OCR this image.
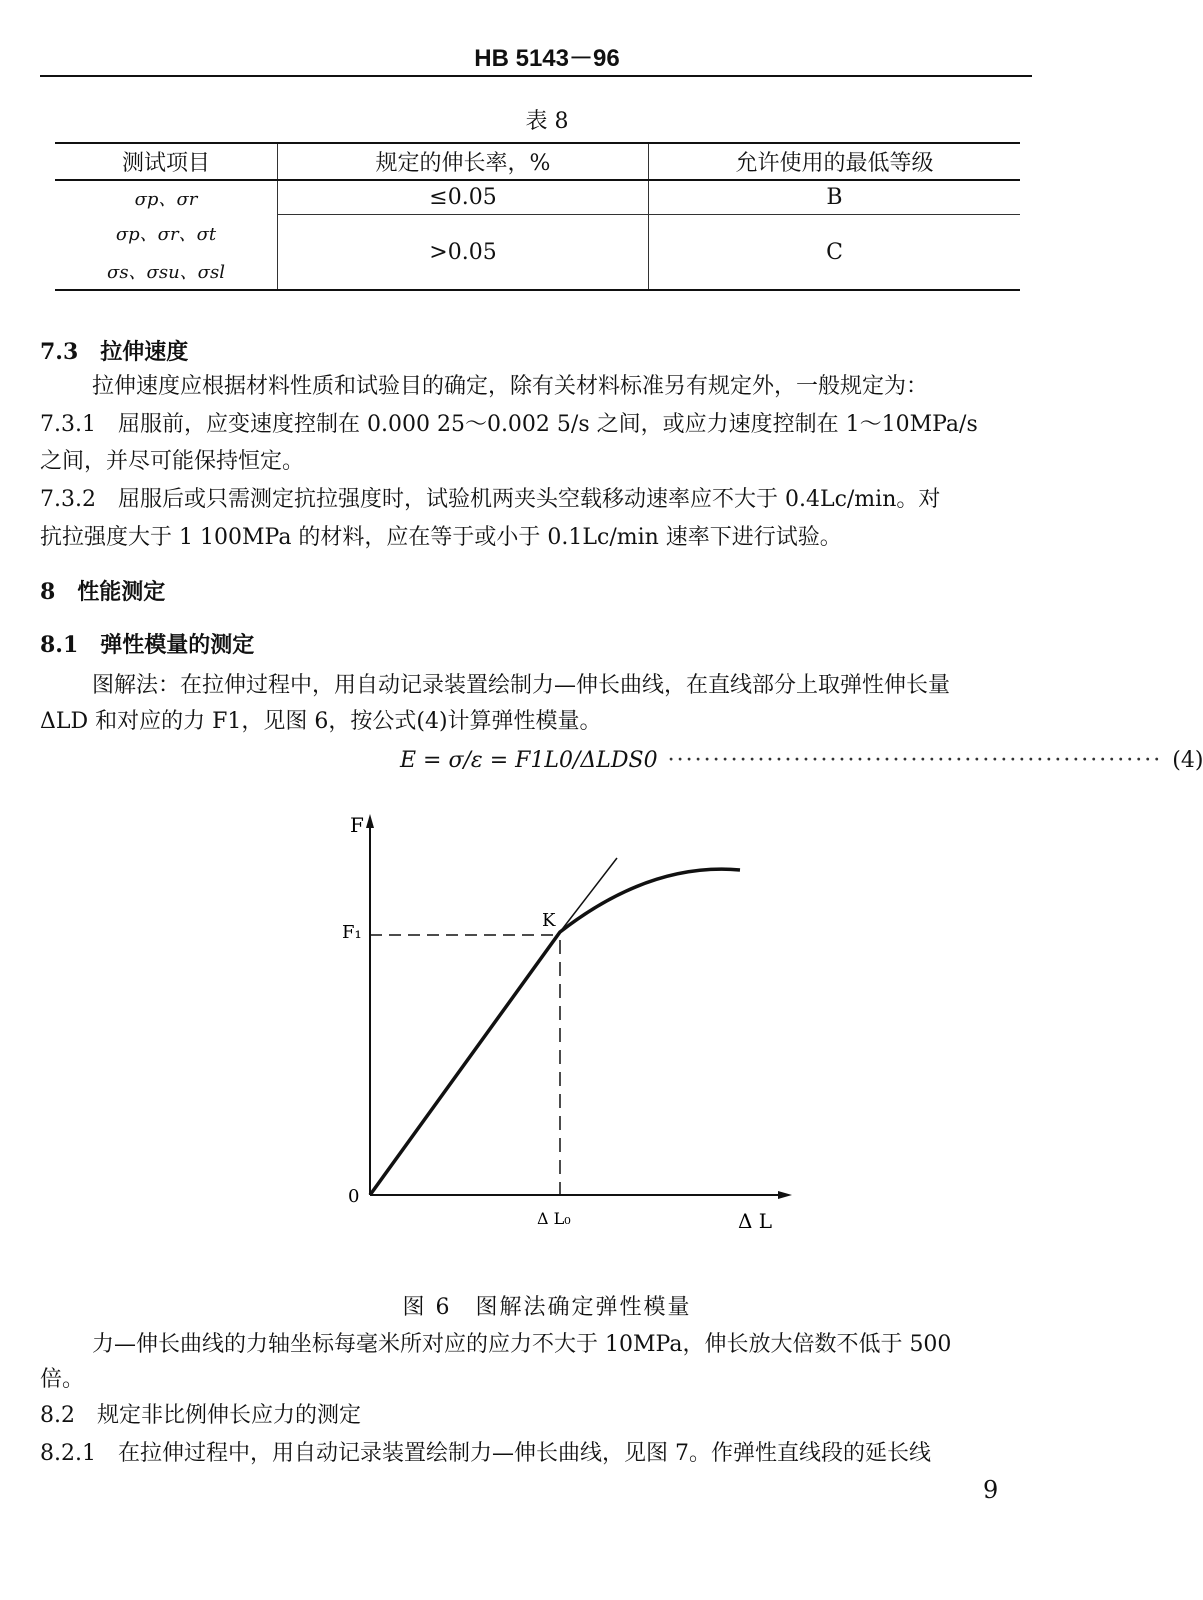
HB 5143－96
表 8
测试项目	规定的伸长率，%	允许使用的最低等级
σp、σr	≤0.05	B

σp、σr、σt
σs、σsu、σsl	>0.05	C
7.3　拉伸速度
拉伸速度应根据材料性质和试验目的确定，除有关材料标准另有规定外，一般规定为：
7.3.1　屈服前，应变速度控制在 0.000 25～0.002 5/s 之间，或应力速度控制在 1～10MPa/s
之间，并尽可能保持恒定。
7.3.2　屈服后或只需测定抗拉强度时，试验机两夹头空载移动速率应不大于 0.4Lc/min。对
抗拉强度大于 1 100MPa 的材料，应在等于或小于 0.1Lc/min 速率下进行试验。
8　性能测定
8.1　弹性模量的测定
图解法：在拉伸过程中，用自动记录装置绘制力—伸长曲线，在直线部分上取弹性伸长量
ΔLD 和对应的力 F1，见图 6，按公式(4)计算弹性模量。
E = σ/ε = F1L0/ΔLDS0 ······················································· (4)
F
F₁
0
K
Δ L₀	Δ L
图 6　图解法确定弹性模量
力—伸长曲线的力轴坐标每毫米所对应的应力不大于 10MPa，伸长放大倍数不低于 500
倍。
8.2　规定非比例伸长应力的测定
8.2.1　在拉伸过程中，用自动记录装置绘制力—伸长曲线，见图 7。作弹性直线段的延长线
9
